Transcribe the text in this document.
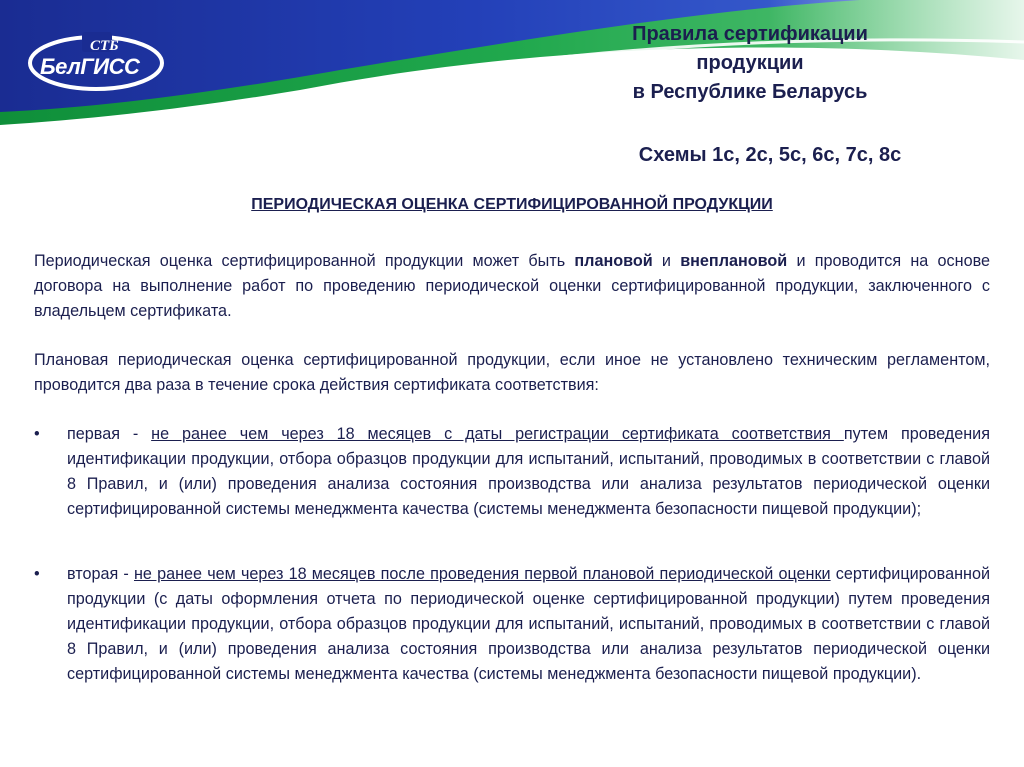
СТБ
БелГИСС
Правила сертификации
продукции
в Республике Беларусь
Схемы 1с, 2с, 5с, 6с, 7с, 8с
ПЕРИОДИЧЕСКАЯ ОЦЕНКА СЕРТИФИЦИРОВАННОЙ ПРОДУКЦИИ

Периодическая оценка сертифицированной продукции может быть плановой и внеплановой и проводится на основе договора на выполнение работ по проведению периодической оценки сертифицированной продукции, заключенного с владельцем сертификата.

Плановая периодическая оценка сертифицированной продукции, если иное не установлено техническим регламентом, проводится два раза в течение срока действия сертификата соответствия:

• первая - не ранее чем через 18 месяцев с даты регистрации сертификата соответствия путем проведения идентификации продукции, отбора образцов продукции для испытаний, испытаний, проводимых в соответствии с главой 8 Правил, и (или) проведения анализа состояния производства или анализа результатов периодической оценки сертифицированной системы менеджмента качества (системы менеджмента безопасности пищевой продукции);

• вторая - не ранее чем через 18 месяцев после проведения первой плановой периодической оценки сертифицированной продукции (с даты оформления отчета по периодической оценке сертифицированной продукции) путем проведения идентификации продукции, отбора образцов продукции для испытаний, испытаний, проводимых в соответствии с главой 8 Правил, и (или) проведения анализа состояния производства или анализа результатов периодической оценки сертифицированной системы менеджмента качества (системы менеджмента безопасности пищевой продукции).
